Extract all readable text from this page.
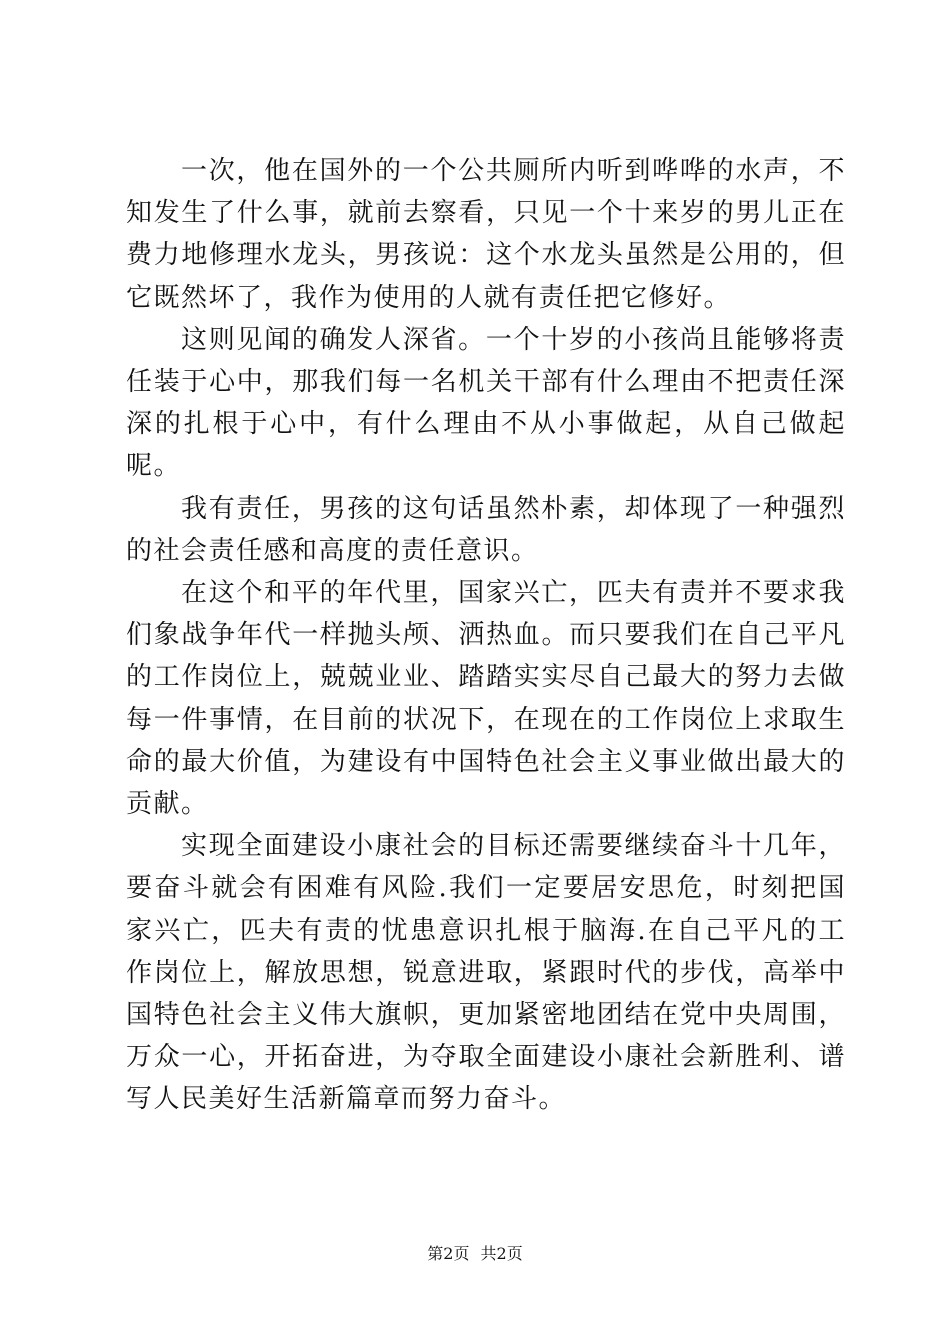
一次，他在国外的一个公共厕所内听到哗哗的水声，不知发生了什么事，就前去察看，只见一个十来岁的男儿正在费力地修理水龙头，男孩说：这个水龙头虽然是公用的，但它既然坏了，我作为使用的人就有责任把它修好。

这则见闻的确发人深省。一个十岁的小孩尚且能够将责任装于心中，那我们每一名机关干部有什么理由不把责任深深的扎根于心中，有什么理由不从小事做起，从自己做起呢。

我有责任，男孩的这句话虽然朴素，却体现了一种强烈的社会责任感和高度的责任意识。

在这个和平的年代里，国家兴亡，匹夫有责并不要求我们象战争年代一样抛头颅、洒热血。而只要我们在自己平凡的工作岗位上，兢兢业业、踏踏实实尽自己最大的努力去做每一件事情，在目前的状况下，在现在的工作岗位上求取生命的最大价值，为建设有中国特色社会主义事业做出最大的贡献。

实现全面建设小康社会的目标还需要继续奋斗十几年，要奋斗就会有困难有风险.我们一定要居安思危，时刻把国家兴亡，匹夫有责的忧患意识扎根于脑海.在自己平凡的工作岗位上，解放思想，锐意进取，紧跟时代的步伐，高举中国特色社会主义伟大旗帜，更加紧密地团结在党中央周围，万众一心，开拓奋进，为夺取全面建设小康社会新胜利、谱写人民美好生活新篇章而努力奋斗。

第2页 共2页
